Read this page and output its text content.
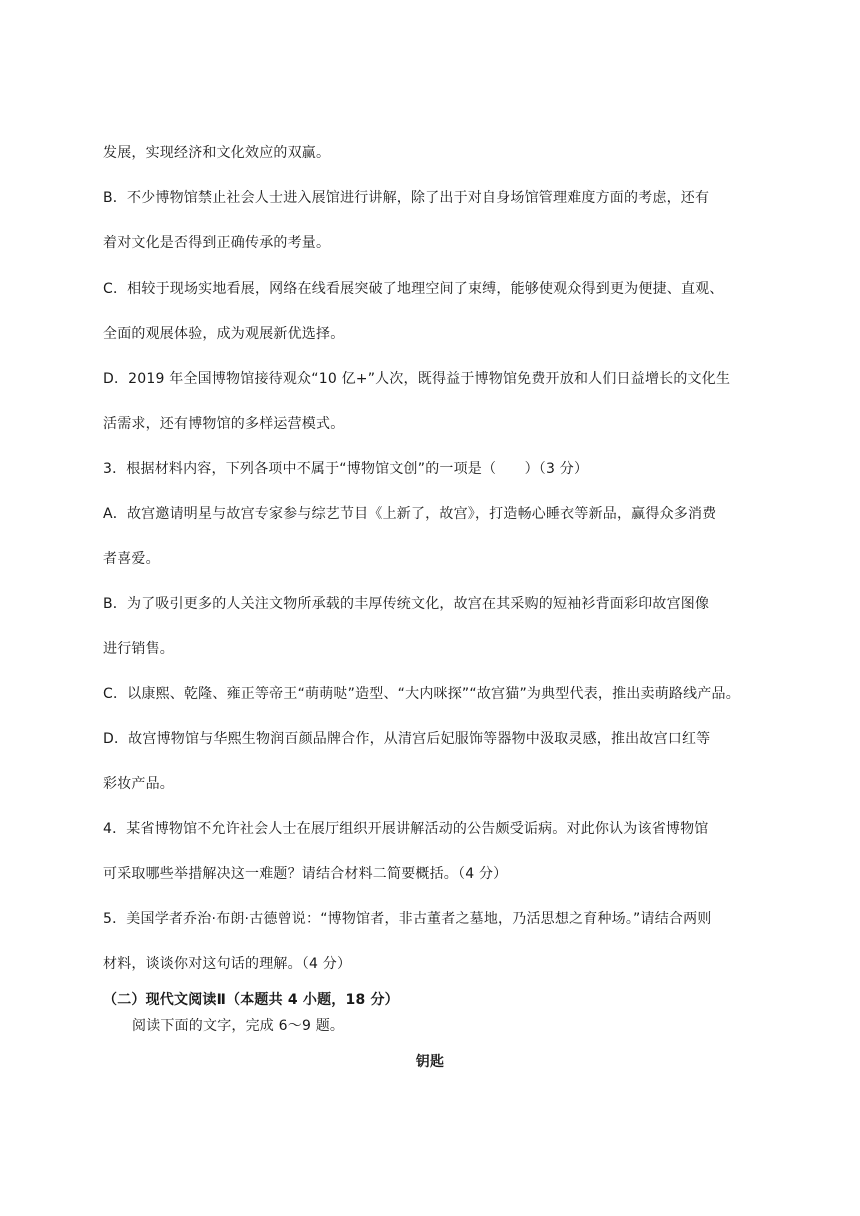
发展，实现经济和文化效应的双赢。
B．不少博物馆禁止社会人士进入展馆进行讲解，除了出于对自身场馆管理难度方面的考虑，还有
着对文化是否得到正确传承的考量。
C．相较于现场实地看展，网络在线看展突破了地理空间了束缚，能够使观众得到更为便捷、直观、
全面的观展体验，成为观展新优选择。
D．2019 年全国博物馆接待观众“10 亿+”人次，既得益于博物馆免费开放和人们日益增长的文化生
活需求，还有博物馆的多样运营模式。
3．根据材料内容，下列各项中不属于“博物馆文创”的一项是（　　）（3 分）
A．故宫邀请明星与故宫专家参与综艺节目《上新了，故宫》，打造畅心睡衣等新品，赢得众多消费
者喜爱。
B．为了吸引更多的人关注文物所承载的丰厚传统文化，故宫在其采购的短袖衫背面彩印故宫图像
进行销售。
C．以康熙、乾隆、雍正等帝王“萌萌哒”造型、“大内咪探”“故宫猫”为典型代表，推出卖萌路线产品。
D．故宫博物馆与华熙生物润百颜品牌合作，从清宫后妃服饰等器物中汲取灵感，推出故宫口红等
彩妆产品。
4．某省博物馆不允许社会人士在展厅组织开展讲解活动的公告颇受诟病。对此你认为该省博物馆
可采取哪些举措解决这一难题？请结合材料二简要概括。（4 分）
5．美国学者乔治·布朗·古德曾说：“博物馆者，非古董者之墓地，乃活思想之育种场。”请结合两则
材料，谈谈你对这句话的理解。（4 分）
（二）现代文阅读Ⅱ（本题共 4 小题，18 分）
阅读下面的文字，完成 6～9 题。
钥匙
